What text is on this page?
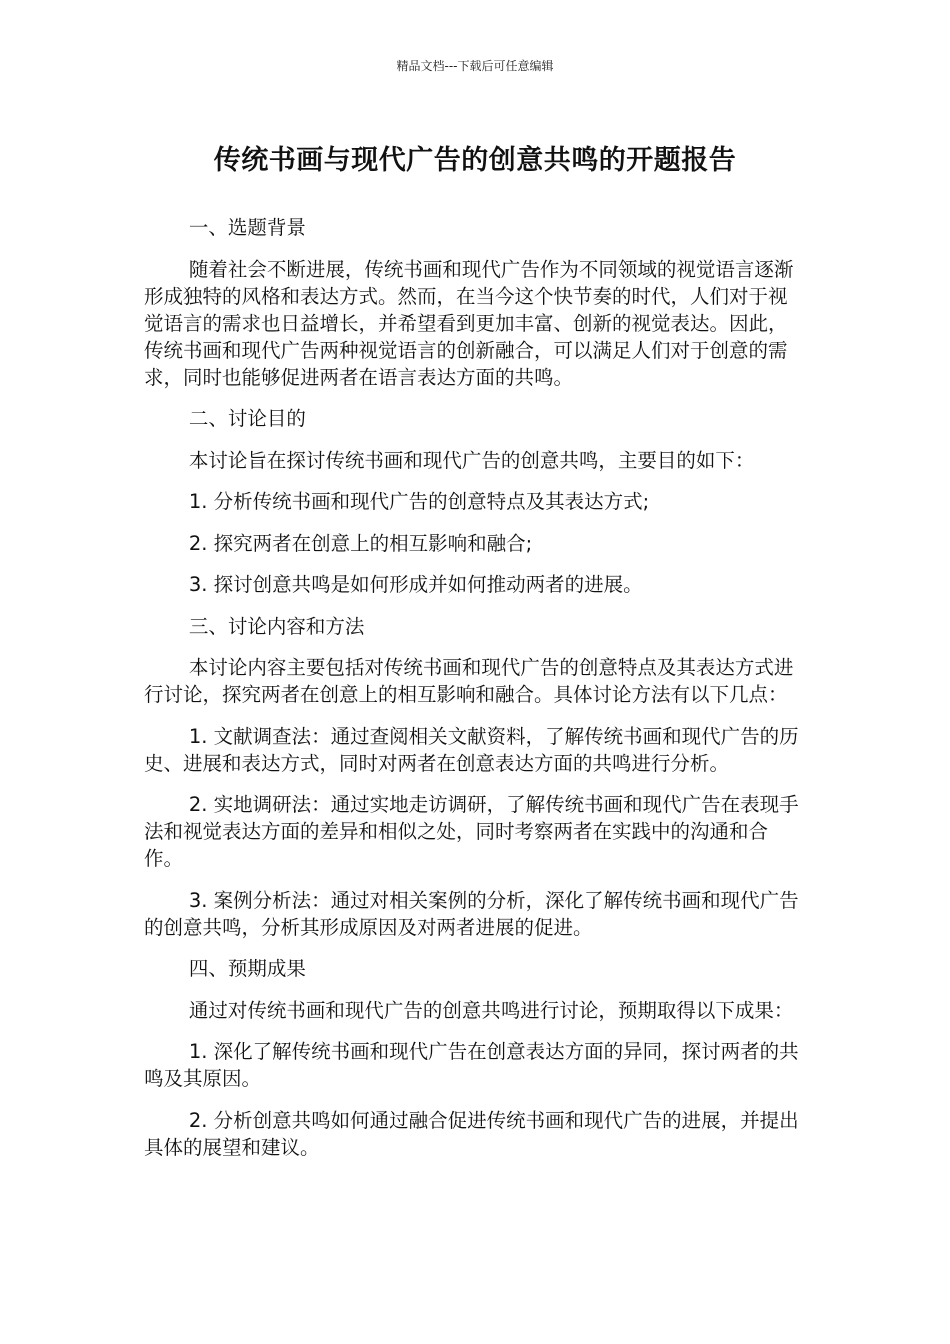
精品文档---下载后可任意编辑
传统书画与现代广告的创意共鸣的开题报告

一、选题背景

随着社会不断进展，传统书画和现代广告作为不同领域的视觉语言逐渐形成独特的风格和表达方式。然而，在当今这个快节奏的时代，人们对于视觉语言的需求也日益增长，并希望看到更加丰富、创新的视觉表达。因此，传统书画和现代广告两种视觉语言的创新融合，可以满足人们对于创意的需求，同时也能够促进两者在语言表达方面的共鸣。

二、讨论目的

本讨论旨在探讨传统书画和现代广告的创意共鸣，主要目的如下：

1. 分析传统书画和现代广告的创意特点及其表达方式;

2. 探究两者在创意上的相互影响和融合;

3. 探讨创意共鸣是如何形成并如何推动两者的进展。

三、讨论内容和方法

本讨论内容主要包括对传统书画和现代广告的创意特点及其表达方式进行讨论，探究两者在创意上的相互影响和融合。具体讨论方法有以下几点：

1. 文献调查法：通过查阅相关文献资料，了解传统书画和现代广告的历史、进展和表达方式，同时对两者在创意表达方面的共鸣进行分析。

2. 实地调研法：通过实地走访调研，了解传统书画和现代广告在表现手法和视觉表达方面的差异和相似之处，同时考察两者在实践中的沟通和合作。

3. 案例分析法：通过对相关案例的分析，深化了解传统书画和现代广告的创意共鸣，分析其形成原因及对两者进展的促进。

四、预期成果

通过对传统书画和现代广告的创意共鸣进行讨论，预期取得以下成果：

1. 深化了解传统书画和现代广告在创意表达方面的异同，探讨两者的共鸣及其原因。

2. 分析创意共鸣如何通过融合促进传统书画和现代广告的进展，并提出具体的展望和建议。
